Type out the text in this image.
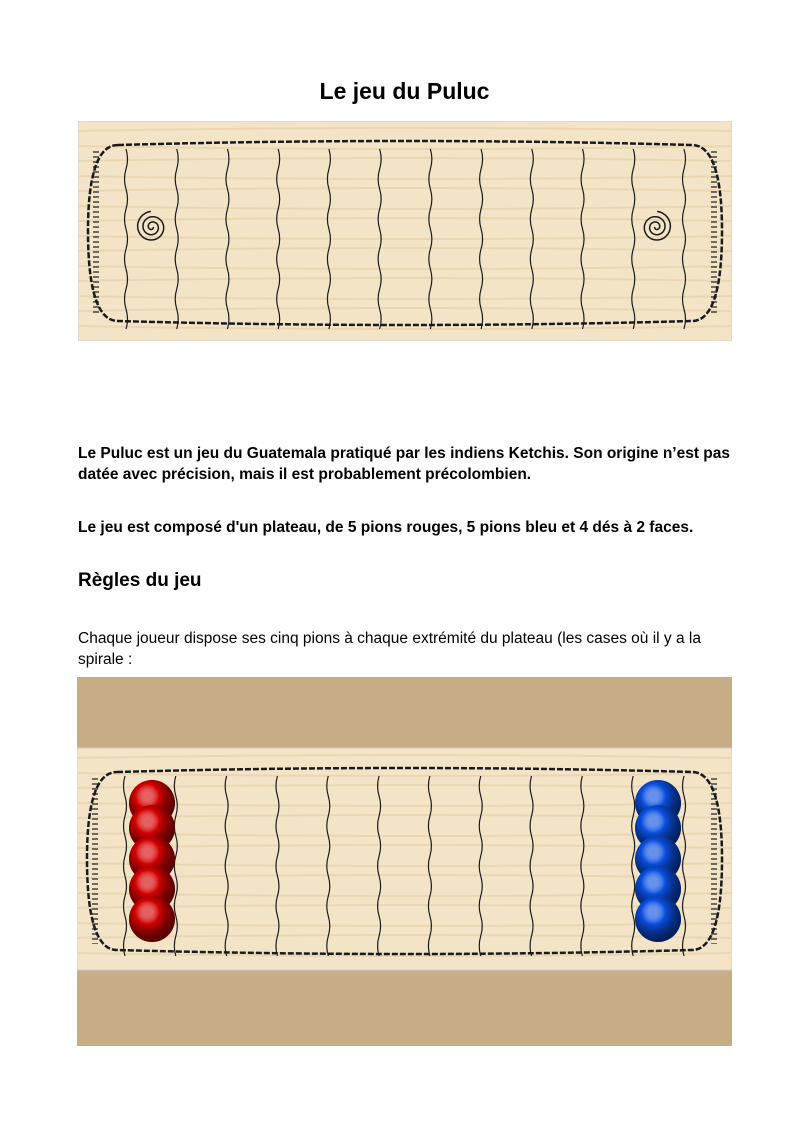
Le jeu du Puluc
Le Puluc est un jeu du Guatemala pratiqué par les indiens Ketchis. Son origine n’est pas datée avec précision, mais il est probablement précolombien.
Le jeu est composé d'un plateau, de 5 pions rouges, 5 pions bleu et 4 dés à 2 faces.
Règles du jeu
Chaque joueur dispose ses cinq pions à chaque extrémité du plateau (les cases où il y a la spirale :
